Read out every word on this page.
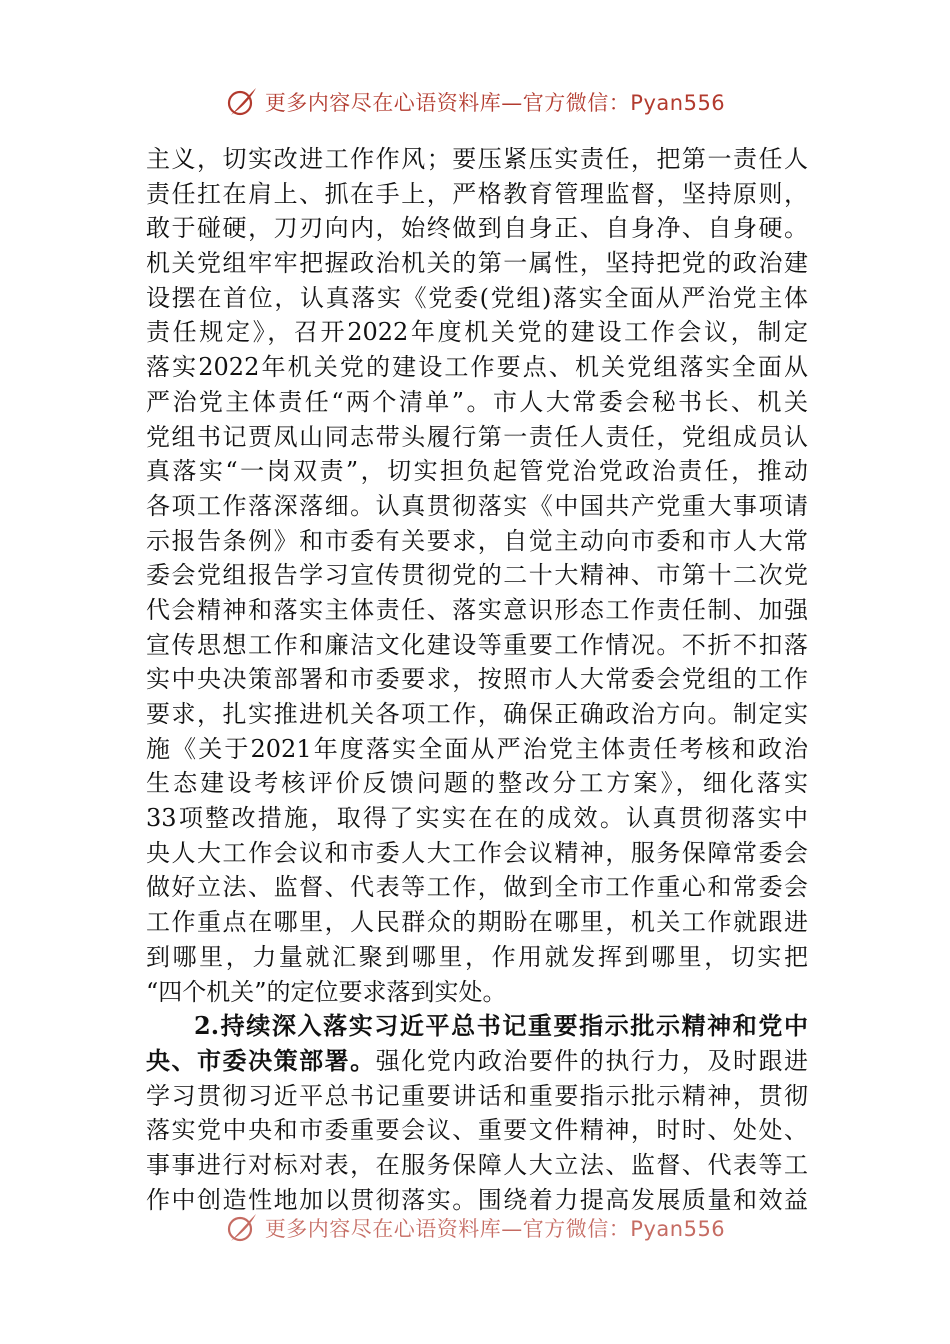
更多内容尽在心语资料库—官方微信：Pyan556
主义，切实改进工作作风；要压紧压实责任，把第一责任人
责任扛在肩上、抓在手上，严格教育管理监督，坚持原则，
敢于碰硬，刀刃向内，始终做到自身正、自身净、自身硬。
机关党组牢牢把握政治机关的第一属性，坚持把党的政治建
设摆在首位，认真落实《党委(党组)落实全面从严治党主体
责任规定》，召开2022年度机关党的建设工作会议，制定
落实2022年机关党的建设工作要点、机关党组落实全面从
严治党主体责任“两个清单”。市人大常委会秘书长、机关
党组书记贾凤山同志带头履行第一责任人责任，党组成员认
真落实“一岗双责”，切实担负起管党治党政治责任，推动
各项工作落深落细。认真贯彻落实《中国共产党重大事项请
示报告条例》和市委有关要求，自觉主动向市委和市人大常
委会党组报告学习宣传贯彻党的二十大精神、市第十二次党
代会精神和落实主体责任、落实意识形态工作责任制、加强
宣传思想工作和廉洁文化建设等重要工作情况。不折不扣落
实中央决策部署和市委要求，按照市人大常委会党组的工作
要求，扎实推进机关各项工作，确保正确政治方向。制定实
施《关于2021年度落实全面从严治党主体责任考核和政治
生态建设考核评价反馈问题的整改分工方案》，细化落实
33项整改措施，取得了实实在在的成效。认真贯彻落实中
央人大工作会议和市委人大工作会议精神，服务保障常委会
做好立法、监督、代表等工作，做到全市工作重心和常委会
工作重点在哪里，人民群众的期盼在哪里，机关工作就跟进
到哪里，力量就汇聚到哪里，作用就发挥到哪里，切实把
“四个机关”的定位要求落到实处。
2.持续深入落实习近平总书记重要指示批示精神和党中
央、市委决策部署。强化党内政治要件的执行力，及时跟进
学习贯彻习近平总书记重要讲话和重要指示批示精神，贯彻
落实党中央和市委重要会议、重要文件精神，时时、处处、
事事进行对标对表，在服务保障人大立法、监督、代表等工
作中创造性地加以贯彻落实。围绕着力提高发展质量和效益
更多内容尽在心语资料库—官方微信：Pyan556
